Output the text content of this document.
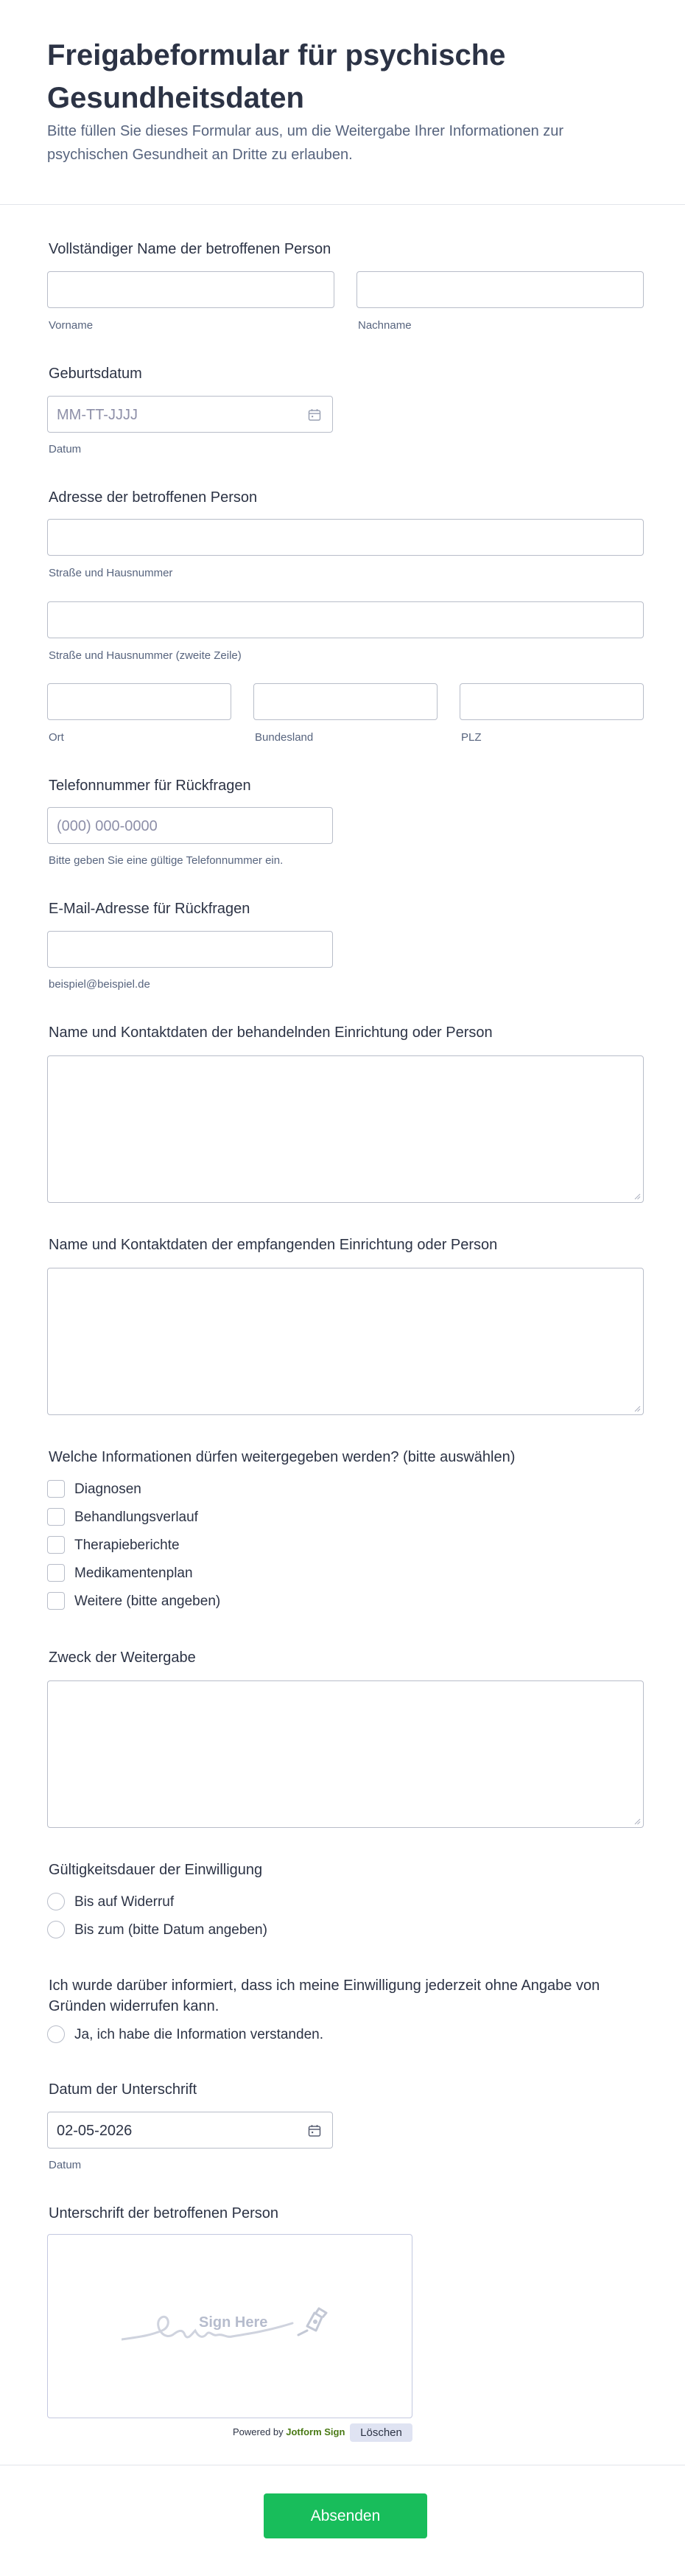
Freigabeformular für psychische Gesundheitsdaten

Bitte füllen Sie dieses Formular aus, um die Weitergabe Ihrer Informationen zur psychischen Gesundheit an Dritte zu erlauben.

Vollständiger Name der betroffenen Person
Vorname	Nachname
Geburtsdatum
MM-TT-JJJJ
Datum
Adresse der betroffenen Person
Straße und Hausnummer
Straße und Hausnummer (zweite Zeile)
Ort	Bundesland	PLZ
Telefonnummer für Rückfragen
(000) 000-0000
Bitte geben Sie eine gültige Telefonnummer ein.
E-Mail-Adresse für Rückfragen
beispiel@beispiel.de
Name und Kontaktdaten der behandelnden Einrichtung oder Person
Name und Kontaktdaten der empfangenden Einrichtung oder Person
Welche Informationen dürfen weitergegeben werden? (bitte auswählen)
Diagnosen
Behandlungsverlauf
Therapieberichte
Medikamentenplan
Weitere (bitte angeben)
Zweck der Weitergabe
Gültigkeitsdauer der Einwilligung
Bis auf Widerruf
Bis zum (bitte Datum angeben)
Ich wurde darüber informiert, dass ich meine Einwilligung jederzeit ohne Angabe von Gründen widerrufen kann.
Ja, ich habe die Information verstanden.
Datum der Unterschrift
02-05-2026
Datum
Unterschrift der betroffenen Person
Sign Here
Powered by Jotform Sign	Löschen
Absenden
